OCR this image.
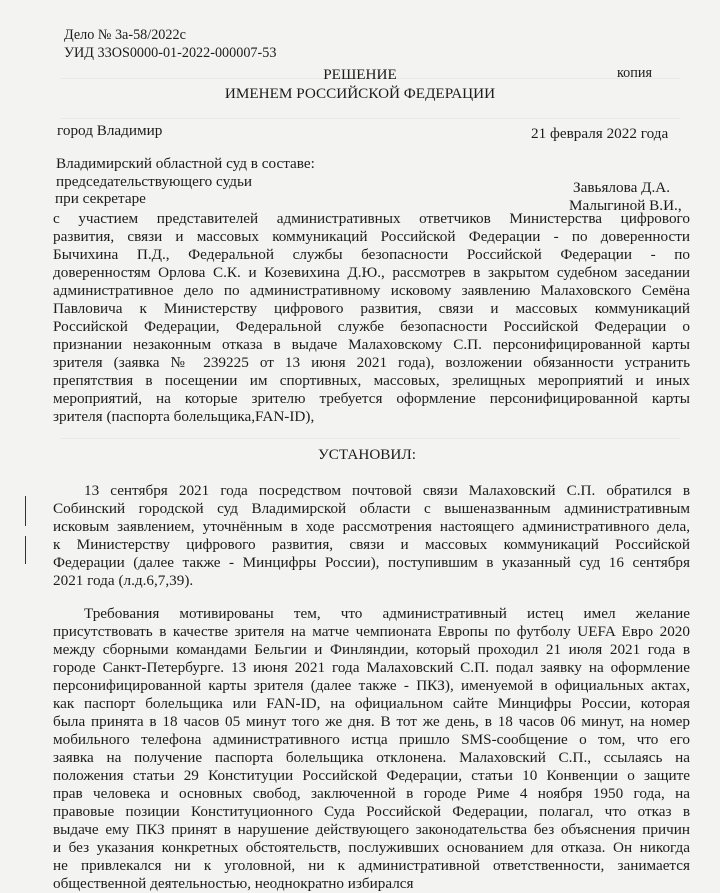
Дело № 3а-58/2022с
УИД 33OS0000-01-2022-000007-53
копия
РЕШЕНИЕ
ИМЕНЕМ РОССИЙСКОЙ ФЕДЕРАЦИИ
город Владимир	21 февраля 2022 года
Владимирский областной суд в составе:
председательствующего судьи	Завьялова Д.А.
при секретаре	Малыгиной В.И.,
с участием представителей административных ответчиков Министерства цифрового
развития, связи и массовых коммуникаций Российской Федерации - по доверенности
Бычихина П.Д., Федеральной службы безопасности Российской Федерации - по
доверенностям Орлова С.К. и Козевихина Д.Ю., рассмотрев в закрытом судебном заседании
административное дело по административному исковому заявлению Малаховского Семёна
Павловича к Министерству цифрового развития, связи и массовых коммуникаций
Российской Федерации, Федеральной службе безопасности Российской Федерации о
признании незаконным отказа в выдаче Малаховскому С.П. персонифицированной карты
зрителя (заявка № 239225 от 13 июня 2021 года), возложении обязанности устранить
препятствия в посещении им спортивных, массовых, зрелищных мероприятий и иных
мероприятий, на которые зрителю требуется оформление персонифицированной карты
зрителя (паспорта болельщика,FAN-ID),
УСТАНОВИЛ:
13 сентября 2021 года посредством почтовой связи Малаховский С.П. обратился в
Собинский городской суд Владимирской области с вышеназванным административным
исковым заявлением, уточнённым в ходе рассмотрения настоящего административного дела,
к Министерству цифрового развития, связи и массовых коммуникаций Российской
Федерации (далее также - Минцифры России), поступившим в указанный суд 16 сентября
2021 года (л.д.6,7,39).
Требования мотивированы тем, что административный истец имел желание
присутствовать в качестве зрителя на матче чемпионата Европы по футболу UEFA Евро 2020
между сборными командами Бельгии и Финляндии, который проходил 21 июля 2021 года в
городе Санкт-Петербурге. 13 июня 2021 года Малаховский С.П. подал заявку на оформление
персонифицированной карты зрителя (далее также - ПКЗ), именуемой в официальных актах,
как паспорт болельщика или FAN-ID, на официальном сайте Минцифры России, которая
была принята в 18 часов 05 минут того же дня. В тот же день, в 18 часов 06 минут, на номер
мобильного телефона административного истца пришло SMS-сообщение о том, что его
заявка на получение паспорта болельщика отклонена. Малаховский С.П., ссылаясь на
положения статьи 29 Конституции Российской Федерации, статьи 10 Конвенции о защите
прав человека и основных свобод, заключенной в городе Риме 4 ноября 1950 года, на
правовые позиции Конституционного Суда Российской Федерации, полагал, что отказ в
выдаче ему ПКЗ принят в нарушение действующего законодательства без объяснения причин
и без указания конкретных обстоятельств, послуживших основанием для отказа. Он никогда
не привлекался ни к уголовной, ни к административной ответственности, занимается
общественной деятельностью, неоднократно избирался
